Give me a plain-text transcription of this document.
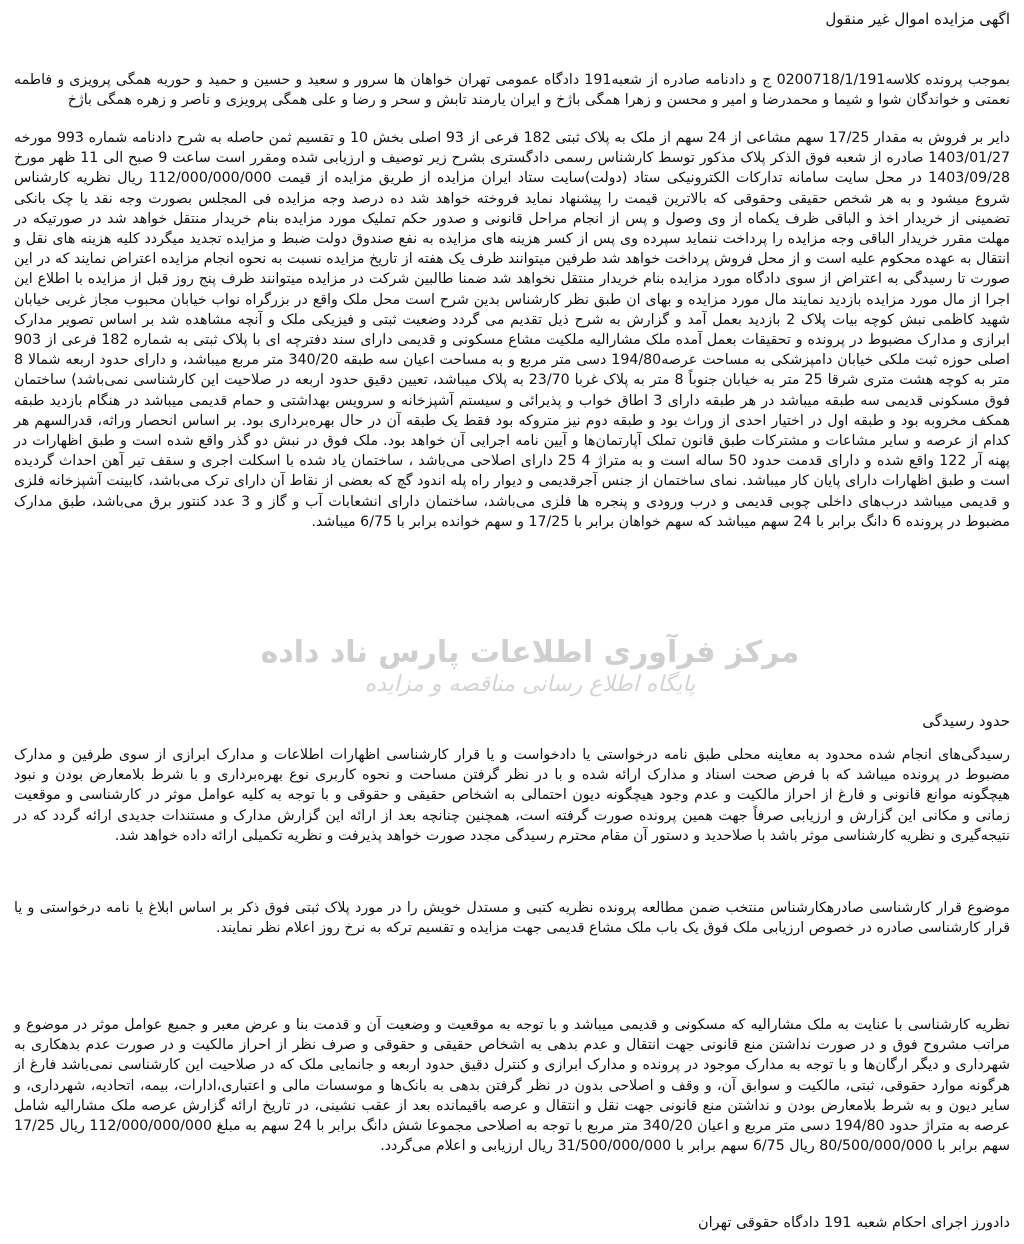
اگهی مزایده اموال غیر منقول

بموجب پرونده کلاسه0200718/1/191 ج و دادنامه صادره از شعبه191 دادگاه عمومی تهران خواهان ها سرور و سعید و حسین و حمید و حوریه همگی پرویزی و فاطمه نعمتی و خواندگان شوا و شیما و محمدرضا و امیر و محسن و زهرا همگی باژخ و ایران یارمند تابش و سحر و رضا و علی همگی پرویزی و ناصر و زهره همگی باژخ

دایر بر فروش به مقدار 17/25 سهم مشاعی از 24 سهم از ملک به پلاک ثبتی 182 فرعی از 93 اصلی بخش 10 و تقسیم ثمن حاصله به شرح دادنامه شماره 993 مورخه 1403/01/27 صادره از شعبه فوق الذکر پلاک مذکور توسط کارشناس رسمی دادگستری بشرح زیر توصیف و ارزیابی شده ومقرر است ساعت 9 صبح الی 11 ظهر مورخ 1403/09/28 در محل سایت سامانه تدارکات الکترونیکی ستاد (دولت)سایت ستاد ایران مزایده از طریق مزایده از قیمت 112/000/000/000 ریال نظریه کارشناس شروع میشود و به هر شخص حقیقی وحقوقی که بالاترین قیمت را پیشنهاد نماید فروخته خواهد شد ده درصد وجه مزایده فی المجلس بصورت وجه نقد یا چک بانکی تضمینی از خریدار اخذ و الباقی ظرف یکماه از وی وصول و پس از انجام مراحل قانونی و صدور حکم تملیک مورد مزایده بنام خریدار منتقل خواهد شد در صورتیکه در مهلت مقرر خریدار الباقی وجه مزایده را پرداخت ننماید سپرده وی پس از کسر هزینه های مزایده به نفع صندوق دولت ضبط و مزایده تجدید میگردد کلیه هزینه های نقل و انتقال به عهده محکوم علیه است و از محل فروش پرداخت خواهد شد طرفین میتوانند ظرف یک هفته از تاریخ مزایده نسبت به نحوه انجام مزایده اعتراض نمایند که در این صورت تا رسیدگی به اعتراض از سوی دادگاه مورد مزایده بنام خریدار منتقل نخواهد شد ضمنا طالبین شرکت در مزایده میتوانند ظرف پنج روز قبل از مزایده با اطلاع این اجرا از مال مورد مزایده بازدید نمایند مال مورد مزایده و بهای ان طبق نظر کارشناس بدین شرح است محل ملک واقع در بزرگراه نواب خیابان محبوب مجاز غربی خیابان شهید کاظمی نبش کوچه بیات پلاک 2 بازدید بعمل آمد و گزارش به شرح ذیل تقدیم می گردد وضعیت ثبتی و فیزیکی ملک و آنچه مشاهده شد بر اساس تصویر مدارک ابرازی و مدارک مضبوط در پرونده و تحقیقات بعمل آمده ملک مشارالیه ملکیت مشاع مسکونی و قدیمی دارای سند دفترچه ای با پلاک ثبتی به شماره 182 فرعی از 903 اصلی حوزه ثبت ملکی خیابان دامپزشکی به مساحت عرصه194/80 دسی متر مربع و به مساحت اعیان سه طبقه 340/20 متر مربع میباشد، و دارای حدود اربعه شمالا 8 متر به کوچه هشت متری شرقا 25 متر به خیابان جنوباً 8 متر به پلاک غربا 23/70 به پلاک میباشد، تعیین دقیق حدود اربعه در صلاحیت این کارشناسی نمی‌باشد) ساختمان فوق مسکونی قدیمی سه طبقه میباشد در هر طبقه دارای 3 اطاق خواب و پذیرائی و سیستم آشپزخانه و سرویس بهداشتی و حمام قدیمی میباشد در هنگام بازدید طبقه همکف مخروبه بود و طبقه اول در اختیار احدی از وراث بود و طبقه دوم نیز متروکه بود فقط یک طبقه آن در حال بهره‌برداری بود. بر اساس انحصار وراثه، قدرالسهم هر کدام از عرصه و سایر مشاعات و مشترکات طبق قانون تملک آپارتمان‌ها و آیین نامه اجرایی آن خواهد بود. ملک فوق در نبش دو گذر واقع شده است و طبق اظهارات در پهنه آر 122 واقع شده و دارای قدمت حدود 50 ساله است و به متراژ 4 25 دارای اصلاحی می‌باشد ، ساختمان یاد شده با اسکلت اجری و سقف تیر آهن احداث گردیده است و طبق اظهارات دارای پایان کار میباشد. نمای ساختمان از جنس آجرقدیمی و دیوار راه پله اندود گچ که بعضی از نقاط آن دارای ترک می‌باشد، کابینت آشپزخانه فلزی و قدیمی میباشد درب‌های داخلی چوبی قدیمی و درب ورودی و پنجره ها فلزی می‌باشد، ساختمان دارای انشعابات آب و گاز و 3 عدد کنتور برق می‌باشد، طبق مدارک مضبوط در پرونده 6 دانگ برابر با 24 سهم میباشد که سهم خواهان برابر با 17/25 و سهم خوانده برابر با 6/75 میباشد.

مرکز فرآوری اطلاعات پارس ناد داده
پایگاه اطلاع رسانی مناقصه و مزایده
حدود رسیدگی

رسیدگی‌های انجام شده محدود به معاینه محلی طبق نامه درخواستی یا دادخواست و یا قرار کارشناسی اظهارات اطلاعات و مدارک ابرازی از سوی طرفین و مدارک مضبوط در پرونده میباشد که با فرض صحت اسناد و مدارک ارائه شده و با در نظر گرفتن مساحت و نحوه کاربری نوع بهره‌برداری و با شرط بلامعارض بودن و نبود هیچگونه موانع قانونی و فارغ از احراز مالکیت و عدم وجود هیچگونه دیون احتمالی به اشخاص حقیقی و حقوقی و با توجه به کلیه عوامل موثر در کارشناسی و موقعیت زمانی و مکانی این گزارش و ارزیابی صرفاً جهت همین پرونده صورت گرفته است، همچنین چنانچه بعد از ارائه این گزارش مدارک و مستندات جدیدی ارائه گردد که در نتیجه‌گیری و نظریه کارشناسی موثر باشد با صلاحدید و دستور آن مقام محترم رسیدگی مجدد صورت خواهد پذیرفت و نظریه تکمیلی ارائه داده خواهد شد.

موضوع قرار کارشناسی صادرهکارشناس منتخب ضمن مطالعه پرونده نظریه کتبی و مستدل خویش را در مورد پلاک ثبتی فوق ذکر بر اساس ابلاغ یا نامه درخواستی و یا قرار کارشناسی صادره در خصوص ارزیابی ملک فوق یک باب ملک مشاع قدیمی جهت مزایده و تقسیم ترکه به نرخ روز اعلام نظر نمایند.

نظریه کارشناسی با عنایت به ملک مشارالیه که مسکونی و قدیمی میباشد و با توجه به موقعیت و وضعیت آن و قدمت بنا و عرض معبر و جمیع عوامل موثر در موضوع و مراتب مشروح فوق و در صورت نداشتن منع قانونی جهت انتقال و عدم بدهی به اشخاص حقیقی و حقوقی و صرف نظر از احراز مالکیت و در صورت عدم بدهکاری به شهرداری و دیگر ارگان‌ها و با توجه به مدارک موجود در پرونده و مدارک ابرازی و کنترل دقیق حدود اربعه و جانمایی ملک که در صلاحیت این کارشناسی نمی‌باشد فارغ از هرگونه موارد حقوقی، ثبتی، مالکیت و سوابق آن، و وقف و اصلاحی بدون در نظر گرفتن بدهی به بانک‌ها و موسسات مالی و اعتباری،ادارات، بیمه، اتحادیه، شهرداری، و سایر دیون و به شرط بلامعارض بودن و نداشتن منع قانونی جهت نقل و انتقال و عرصه باقیمانده بعد از عقب نشینی، در تاریخ ارائه گزارش عرصه ملک مشارالیه شامل عرصه به متراژ حدود 194/80 دسی متر مربع و اعیان 340/20 متر مربع با توجه به اصلاحی مجموعا شش دانگ برابر با 24 سهم به مبلغ 112/000/000/000 ریال 17/25 سهم برابر با 80/500/000/000 ریال 6/75 سهم برابر با 31/500/000/000 ریال ارزیابی و اعلام می‌گردد.

دادورز اجرای احکام شعبه 191 دادگاه حقوقی تهران
